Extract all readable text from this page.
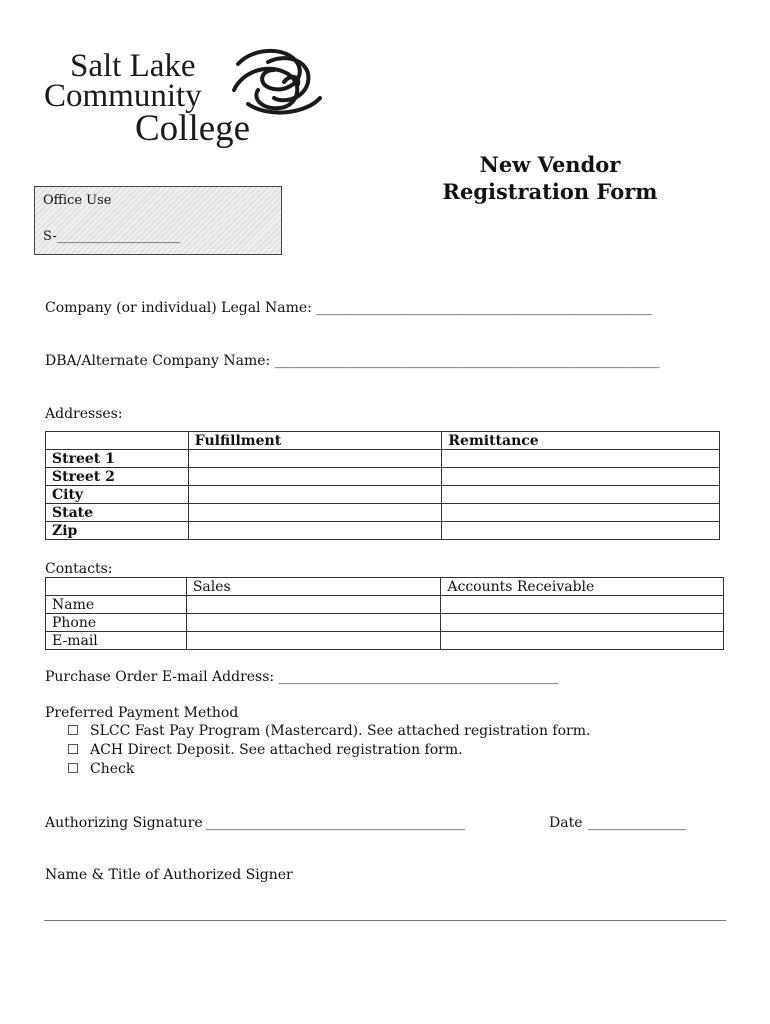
Salt Lake
Community
College
New Vendor
Registration Form
Office Use
S-___________________
Company (or individual) Legal Name: ________________________________________________
DBA/Alternate Company Name: _______________________________________________________
Addresses:
	Fulfillment	Remittance
Street 1		
Street 2		
City		
State		
Zip		
Contacts:
	Sales	Accounts Receivable
Name		
Phone		
E-mail		
Purchase Order E-mail Address: ________________________________________
Preferred Payment Method
SLCC Fast Pay Program (Mastercard). See attached registration form.
ACH Direct Deposit. See attached registration form.
Check
Authorizing Signature _____________________________________	Date ______________
Name & Title of Authorized Signer
